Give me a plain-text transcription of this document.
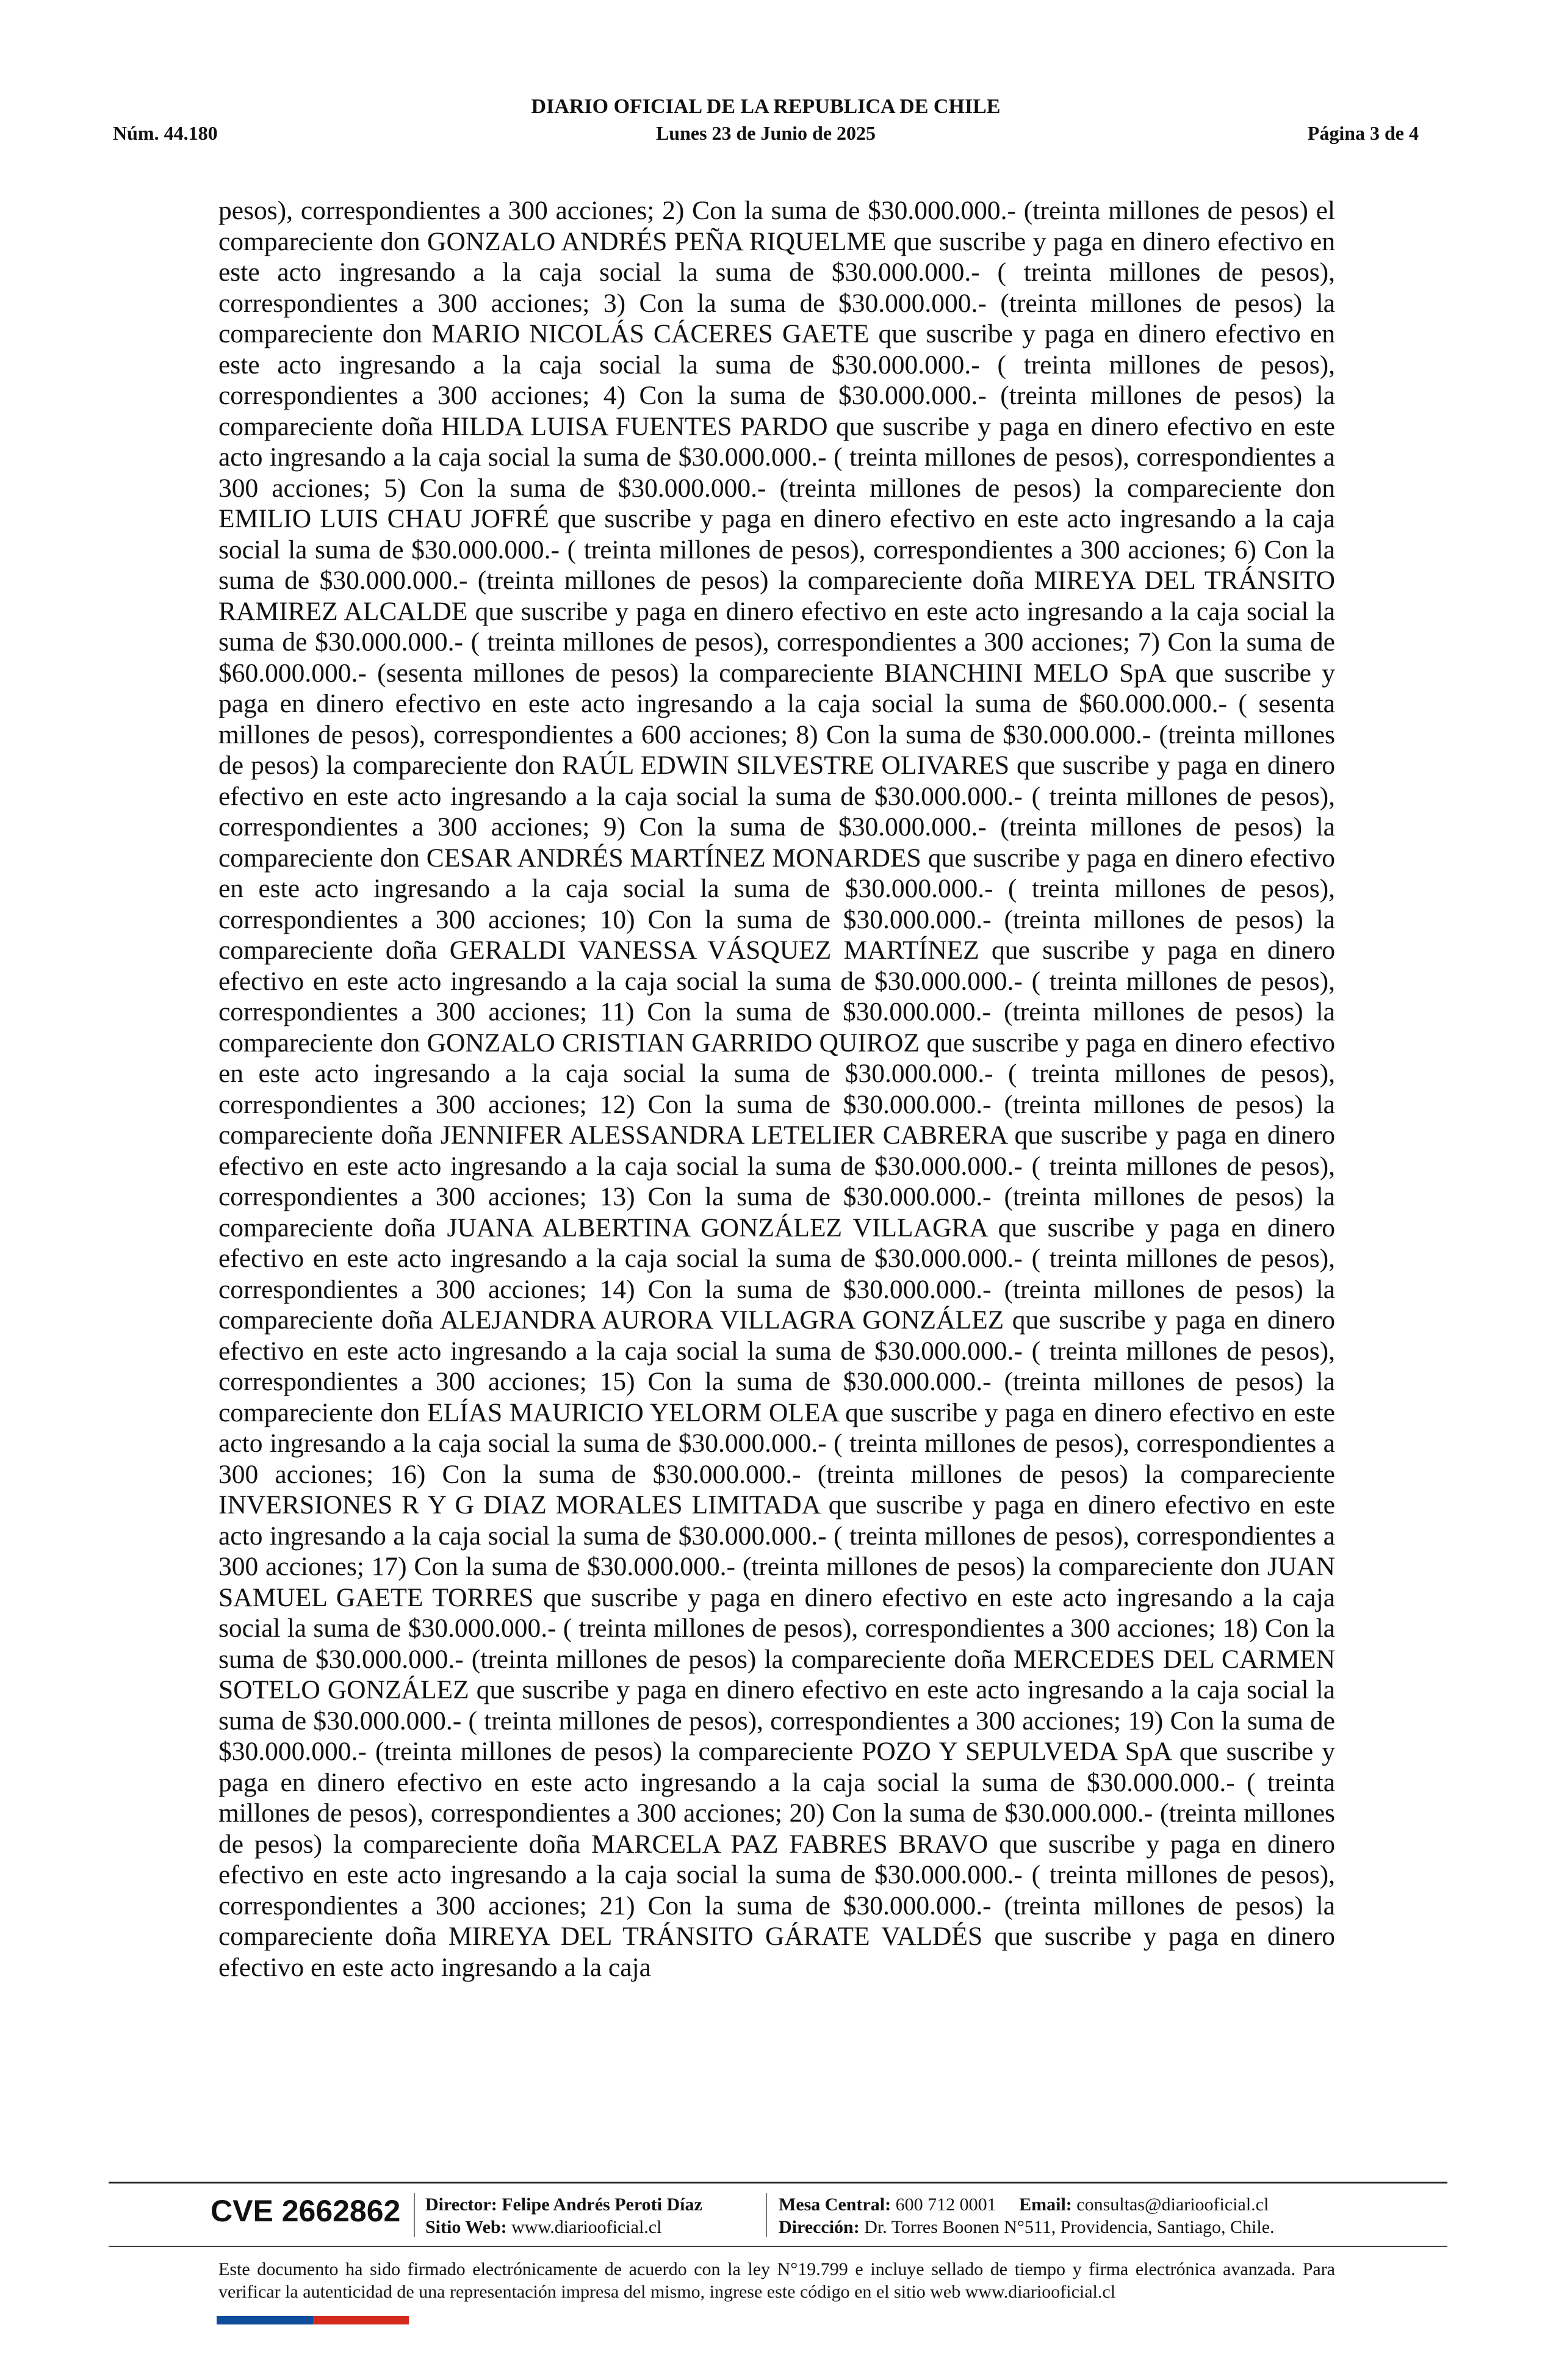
DIARIO OFICIAL DE LA REPUBLICA DE CHILE
Núm. 44.180	Lunes 23 de Junio de 2025	Página 3 de 4

pesos), correspondientes a 300 acciones; 2) Con la suma de $30.000.000.- (treinta millones de pesos) el compareciente don GONZALO ANDRÉS PEÑA RIQUELME que suscribe y paga en dinero efectivo en este acto ingresando a la caja social la suma de $30.000.000.- ( treinta millones de pesos), correspondientes a 300 acciones; 3) Con la suma de $30.000.000.- (treinta millones de pesos) la compareciente don MARIO NICOLÁS CÁCERES GAETE que suscribe y paga en dinero efectivo en este acto ingresando a la caja social la suma de $30.000.000.- ( treinta millones de pesos), correspondientes a 300 acciones; 4) Con la suma de $30.000.000.- (treinta millones de pesos) la compareciente doña HILDA LUISA FUENTES PARDO que suscribe y paga en dinero efectivo en este acto ingresando a la caja social la suma de $30.000.000.- ( treinta millones de pesos), correspondientes a 300 acciones; 5) Con la suma de $30.000.000.- (treinta millones de pesos) la compareciente don EMILIO LUIS CHAU JOFRÉ que suscribe y paga en dinero efectivo en este acto ingresando a la caja social la suma de $30.000.000.- ( treinta millones de pesos), correspondientes a 300 acciones; 6) Con la suma de $30.000.000.- (treinta millones de pesos) la compareciente doña MIREYA DEL TRÁNSITO RAMIREZ ALCALDE que suscribe y paga en dinero efectivo en este acto ingresando a la caja social la suma de $30.000.000.- ( treinta millones de pesos), correspondientes a 300 acciones; 7) Con la suma de $60.000.000.- (sesenta millones de pesos) la compareciente BIANCHINI MELO SpA que suscribe y paga en dinero efectivo en este acto ingresando a la caja social la suma de $60.000.000.- ( sesenta millones de pesos), correspondientes a 600 acciones; 8) Con la suma de $30.000.000.- (treinta millones de pesos) la compareciente don RAÚL EDWIN SILVESTRE OLIVARES que suscribe y paga en dinero efectivo en este acto ingresando a la caja social la suma de $30.000.000.- ( treinta millones de pesos), correspondientes a 300 acciones; 9) Con la suma de $30.000.000.- (treinta millones de pesos) la compareciente don CESAR ANDRÉS MARTÍNEZ MONARDES que suscribe y paga en dinero efectivo en este acto ingresando a la caja social la suma de $30.000.000.- ( treinta millones de pesos), correspondientes a 300 acciones; 10) Con la suma de $30.000.000.- (treinta millones de pesos) la compareciente doña GERALDI VANESSA VÁSQUEZ MARTÍNEZ que suscribe y paga en dinero efectivo en este acto ingresando a la caja social la suma de $30.000.000.- ( treinta millones de pesos), correspondientes a 300 acciones; 11) Con la suma de $30.000.000.- (treinta millones de pesos) la compareciente don GONZALO CRISTIAN GARRIDO QUIROZ que suscribe y paga en dinero efectivo en este acto ingresando a la caja social la suma de $30.000.000.- ( treinta millones de pesos), correspondientes a 300 acciones; 12) Con la suma de $30.000.000.- (treinta millones de pesos) la compareciente doña JENNIFER ALESSANDRA LETELIER CABRERA que suscribe y paga en dinero efectivo en este acto ingresando a la caja social la suma de $30.000.000.- ( treinta millones de pesos), correspondientes a 300 acciones; 13) Con la suma de $30.000.000.- (treinta millones de pesos) la compareciente doña JUANA ALBERTINA GONZÁLEZ VILLAGRA que suscribe y paga en dinero efectivo en este acto ingresando a la caja social la suma de $30.000.000.- ( treinta millones de pesos), correspondientes a 300 acciones; 14) Con la suma de $30.000.000.- (treinta millones de pesos) la compareciente doña ALEJANDRA AURORA VILLAGRA GONZÁLEZ que suscribe y paga en dinero efectivo en este acto ingresando a la caja social la suma de $30.000.000.- ( treinta millones de pesos), correspondientes a 300 acciones; 15) Con la suma de $30.000.000.- (treinta millones de pesos) la compareciente don ELÍAS MAURICIO YELORM OLEA que suscribe y paga en dinero efectivo en este acto ingresando a la caja social la suma de $30.000.000.- ( treinta millones de pesos), correspondientes a 300 acciones; 16) Con la suma de $30.000.000.- (treinta millones de pesos) la compareciente INVERSIONES R Y G DIAZ MORALES LIMITADA que suscribe y paga en dinero efectivo en este acto ingresando a la caja social la suma de $30.000.000.- ( treinta millones de pesos), correspondientes a 300 acciones; 17) Con la suma de $30.000.000.- (treinta millones de pesos) la compareciente don JUAN SAMUEL GAETE TORRES que suscribe y paga en dinero efectivo en este acto ingresando a la caja social la suma de $30.000.000.- ( treinta millones de pesos), correspondientes a 300 acciones; 18) Con la suma de $30.000.000.- (treinta millones de pesos) la compareciente doña MERCEDES DEL CARMEN SOTELO GONZÁLEZ que suscribe y paga en dinero efectivo en este acto ingresando a la caja social la suma de $30.000.000.- ( treinta millones de pesos), correspondientes a 300 acciones; 19) Con la suma de $30.000.000.- (treinta millones de pesos) la compareciente POZO Y SEPULVEDA SpA que suscribe y paga en dinero efectivo en este acto ingresando a la caja social la suma de $30.000.000.- ( treinta millones de pesos), correspondientes a 300 acciones; 20) Con la suma de $30.000.000.- (treinta millones de pesos) la compareciente doña MARCELA PAZ FABRES BRAVO que suscribe y paga en dinero efectivo en este acto ingresando a la caja social la suma de $30.000.000.- ( treinta millones de pesos), correspondientes a 300 acciones; 21) Con la suma de $30.000.000.- (treinta millones de pesos) la compareciente doña MIREYA DEL TRÁNSITO GÁRATE VALDÉS que suscribe y paga en dinero efectivo en este acto ingresando a la caja

CVE 2662862 Director: Felipe Andrés Peroti Díaz
Sitio Web: www.diariooficial.cl
Mesa Central: 600 712 0001 Email: consultas@diariooficial.cl
Dirección: Dr. Torres Boonen N°511, Providencia, Santiago, Chile.

Este documento ha sido firmado electrónicamente de acuerdo con la ley N°19.799 e incluye sellado de tiempo y firma electrónica avanzada. Para verificar la autenticidad de una representación impresa del mismo, ingrese este código en el sitio web www.diariooficial.cl
